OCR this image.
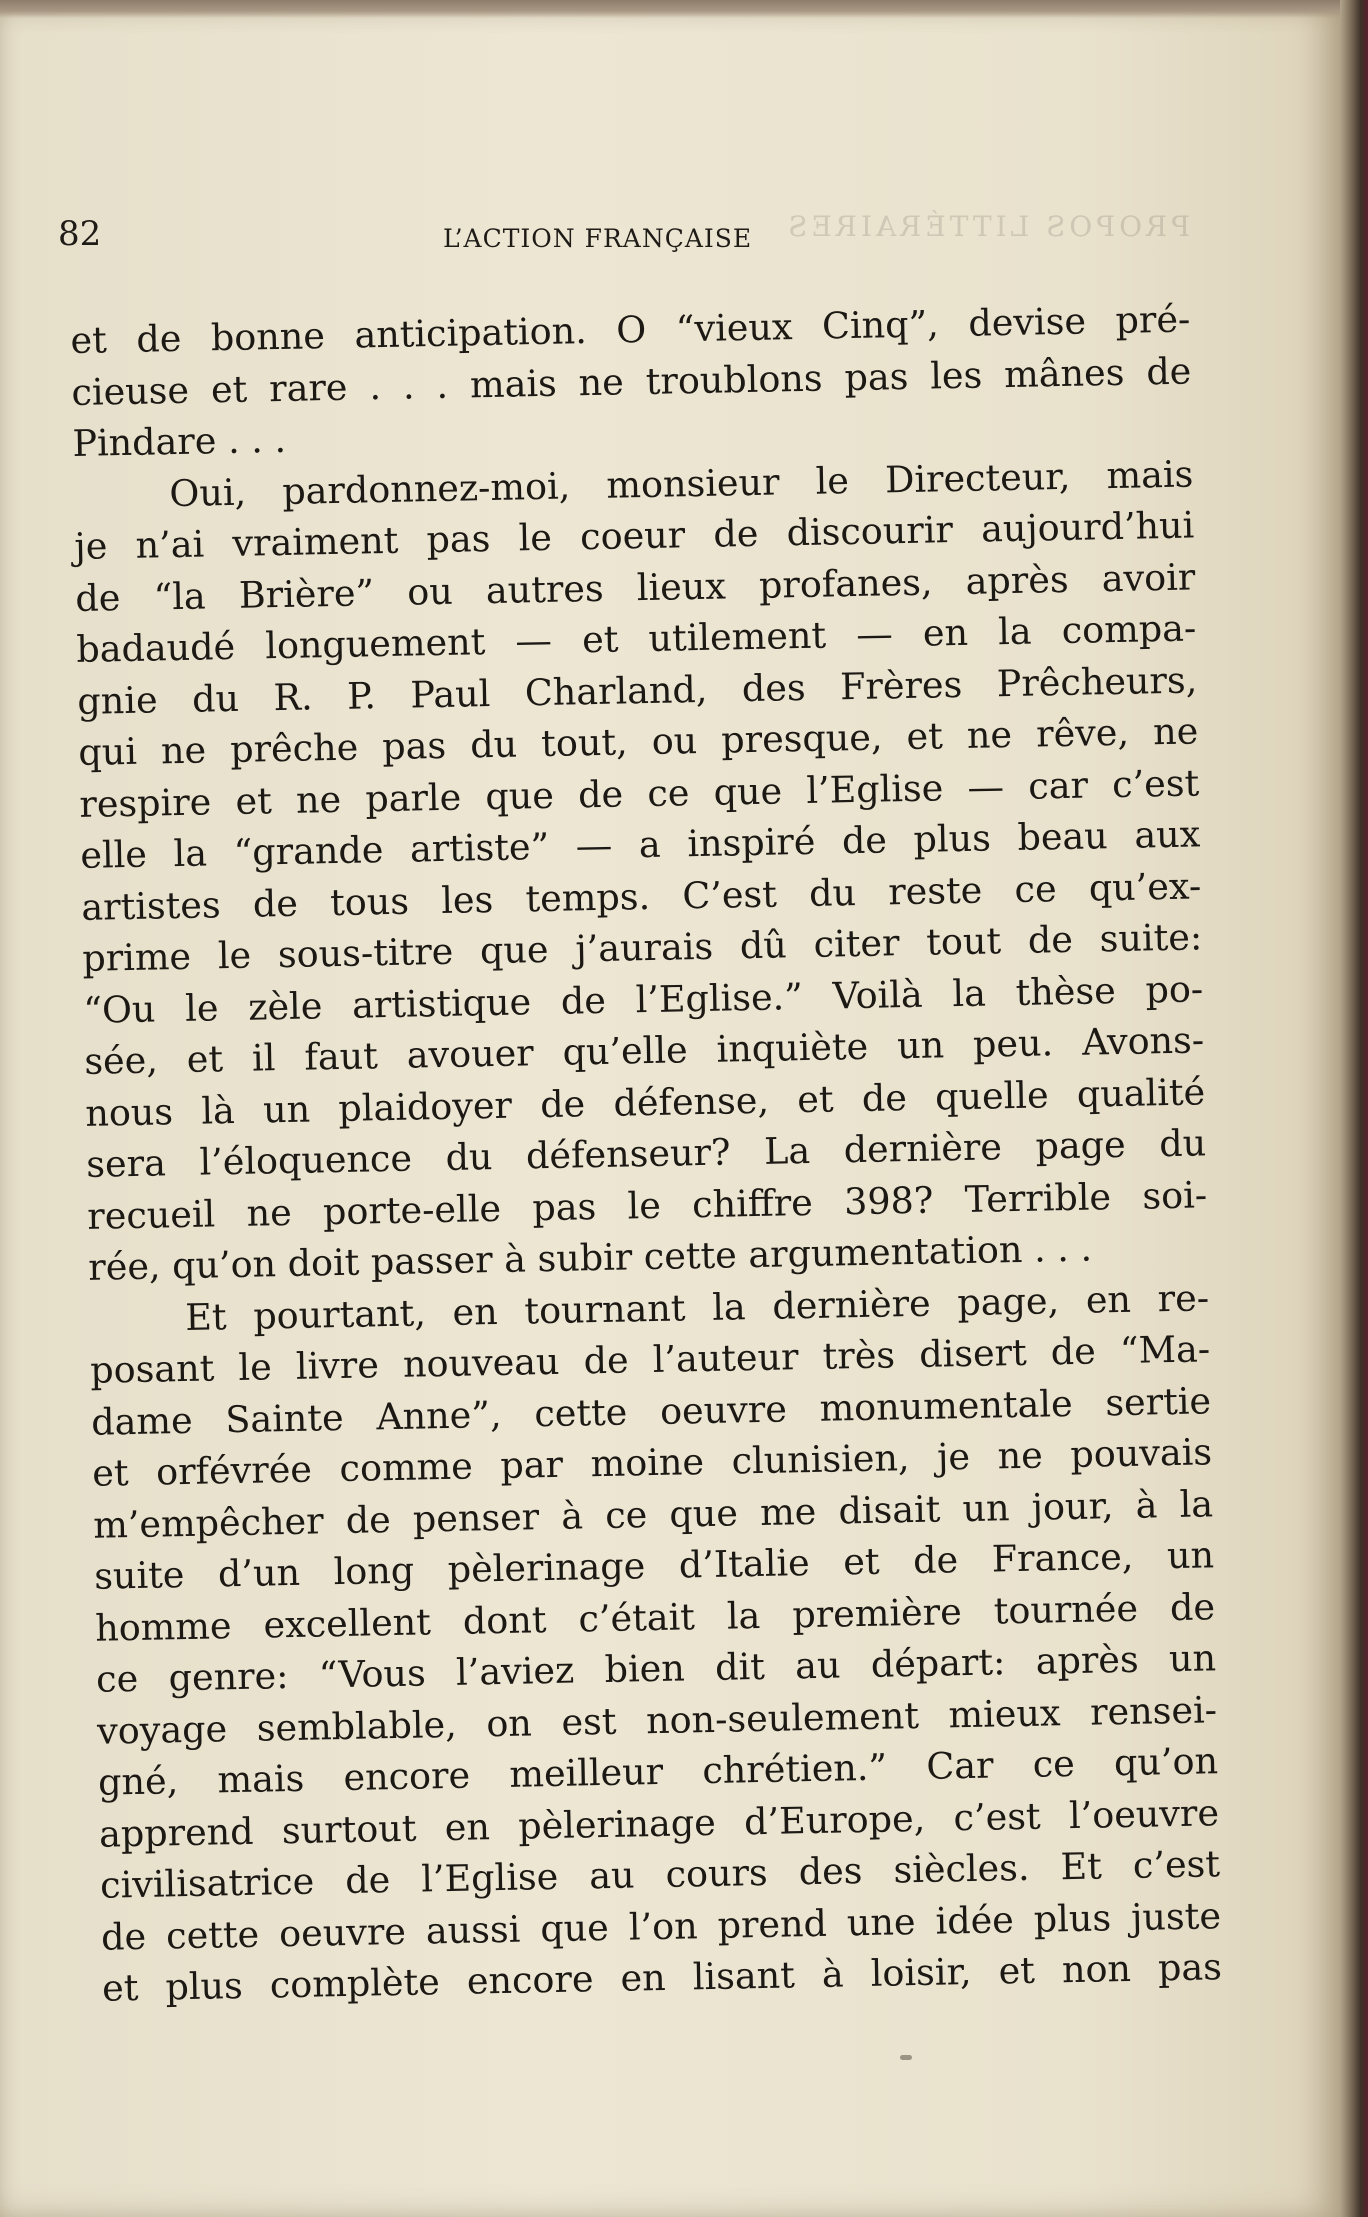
PROPOS LITTÉRAIRES
82	L’ACTION FRANÇAISE
et de bonne anticipation. O “vieux Cinq”, devise pré-
cieuse et rare . . . mais ne troublons pas les mânes de
Pindare . . .
Oui, pardonnez-moi, monsieur le Directeur, mais
je n’ai vraiment pas le coeur de discourir aujourd’hui
de “la Brière” ou autres lieux profanes, après avoir
badaudé longuement — et utilement — en la compa-
gnie du R. P. Paul Charland, des Frères Prêcheurs,
qui ne prêche pas du tout, ou presque, et ne rêve, ne
respire et ne parle que de ce que l’Eglise — car c’est
elle la “grande artiste” — a inspiré de plus beau aux
artistes de tous les temps. C’est du reste ce qu’ex-
prime le sous-titre que j’aurais dû citer tout de suite:
“Ou le zèle artistique de l’Eglise.” Voilà la thèse po-
sée, et il faut avouer qu’elle inquiète un peu. Avons-
nous là un plaidoyer de défense, et de quelle qualité
sera l’éloquence du défenseur? La dernière page du
recueil ne porte-elle pas le chiffre 398? Terrible soi-
rée, qu’on doit passer à subir cette argumentation . . .
Et pourtant, en tournant la dernière page, en re-
posant le livre nouveau de l’auteur très disert de “Ma-
dame Sainte Anne”, cette oeuvre monumentale sertie
et orfévrée comme par moine clunisien, je ne pouvais
m’empêcher de penser à ce que me disait un jour, à la
suite d’un long pèlerinage d’Italie et de France, un
homme excellent dont c’était la première tournée de
ce genre: “Vous l’aviez bien dit au départ: après un
voyage semblable, on est non-seulement mieux rensei-
gné, mais encore meilleur chrétien.” Car ce qu’on
apprend surtout en pèlerinage d’Europe, c’est l’oeuvre
civilisatrice de l’Eglise au cours des siècles. Et c’est
de cette oeuvre aussi que l’on prend une idée plus juste
et plus complète encore en lisant à loisir, et non pas
